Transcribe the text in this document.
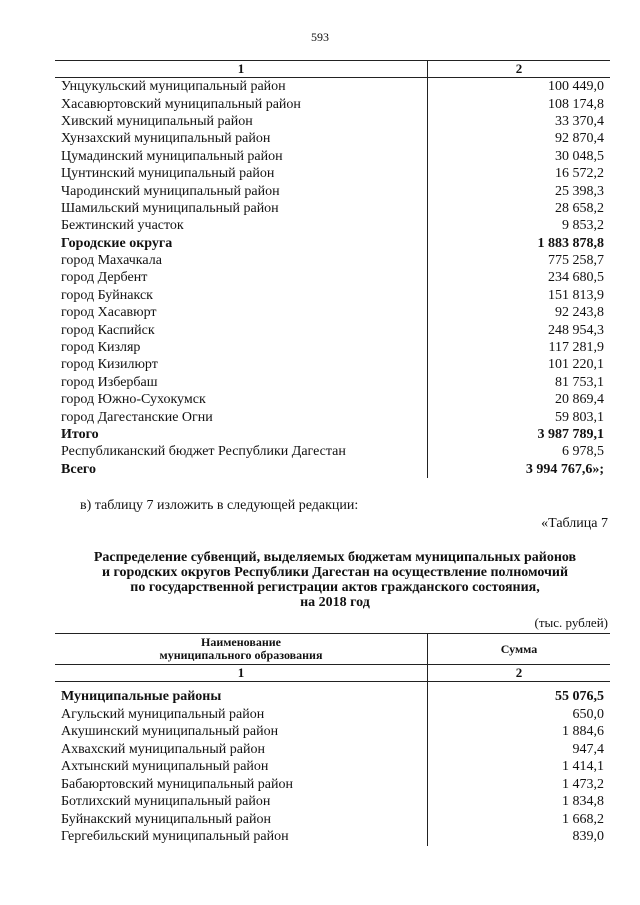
593
1	2
Унцукульский муниципальный район	100 449,0
Хасавюртовский муниципальный район	108 174,8
Хивский муниципальный район	33 370,4
Хунзахский муниципальный район	92 870,4
Цумадинский муниципальный район	30 048,5
Цунтинский муниципальный район	16 572,2
Чародинский муниципальный район	25 398,3
Шамильский муниципальный район	28 658,2
Бежтинский участок	9 853,2
Городские округа	1 883 878,8
город Махачкала	775 258,7
город Дербент	234 680,5
город Буйнакск	151 813,9
город Хасавюрт	92 243,8
город Каспийск	248 954,3
город Кизляр	117 281,9
город Кизилюрт	101 220,1
город Избербаш	81 753,1
город Южно-Сухокумск	20 869,4
город Дагестанские Огни	59 803,1
Итого	3 987 789,1
Республиканский бюджет Республики Дагестан	6 978,5
Всего	3 994 767,6»;
в) таблицу 7 изложить в следующей редакции:
«Таблица 7
Распределение субвенций, выделяемых бюджетам муниципальных районов
и городских округов Республики Дагестан на осуществление полномочий
по государственной регистрации актов гражданского состояния,
на 2018 год
(тыс. рублей)
Наименование
муниципального образования	Сумма
1	2

Муниципальные районы	55 076,5
Агульский муниципальный район	650,0
Акушинский муниципальный район	1 884,6
Ахвахский муниципальный район	947,4
Ахтынский муниципальный район	1 414,1
Бабаюртовский муниципальный район	1 473,2
Ботлихский муниципальный район	1 834,8
Буйнакский муниципальный район	1 668,2
Гергебильский муниципальный район	839,0
